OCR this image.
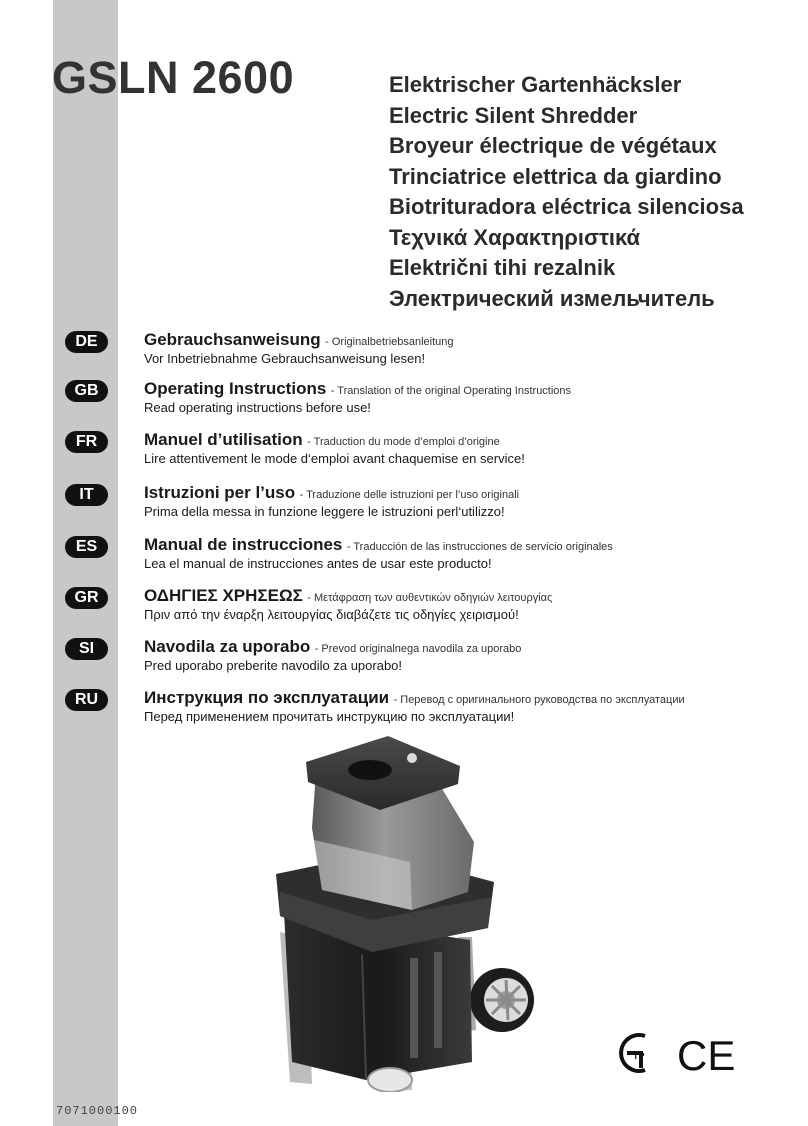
GSLN 2600	Elektrischer Gartenhäcksler
Electric Silent Shredder
Broyeur électrique de végétaux
Trinciatrice elettrica da giardino
Biotrituradora eléctrica silenciosa
Τεχνικά Χαρακτηριστικά
Električni tihi rezalnik
Электрический измельчитель
DE	Gebrauchsanweisung - Originalbetriebsanleitung
Vor Inbetriebnahme Gebrauchsanweisung lesen!
GB	Operating Instructions - Translation of the original Operating Instructions
Read operating instructions before use!
FR	Manuel d’utilisation - Traduction du mode d’emploi d’origine
Lire attentivement le mode d‘emploi avant chaquemise en service!
IT	Istruzioni per l’uso - Traduzione delle istruzioni per l’uso originali
Prima della messa in funzione leggere le istruzioni perl‘utilizzo!
ES	Manual de instrucciones - Traducción de las instrucciones de servicio originales
Lea el manual de instrucciones antes de usar este producto!
GR	ΟΔΗΓΙΕΣ ΧΡΗΣΕΩΣ - Μετάφραση των αυθεντικών οδηγιών λειτουργίας
Πριν από την έναρξη λειτουργίας διαβάζετε τις οδηγίες χειρισμού!
SI	Navodila za uporabo - Prevod originalnega navodila za uporabo
Pred uporabo preberite navodilo za uporabo!
RU	Инструкция по эксплуатации - Перевод с оригинального руководства по эксплуатации
Перед применением прочитать инструкцию по эксплуатации!
ТР CE
7071000100
